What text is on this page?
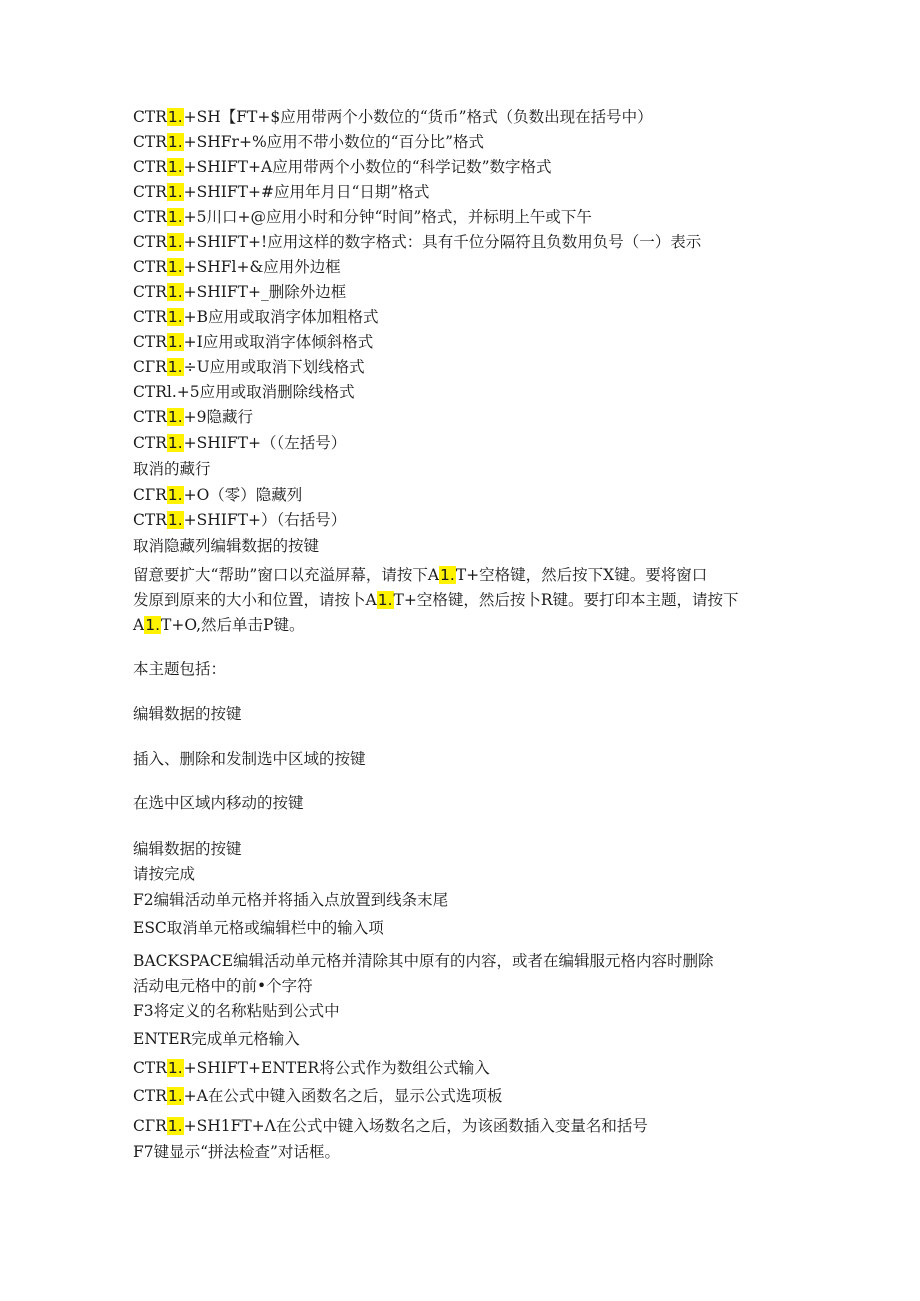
CTR1.+SH【FT+$应用带两个小数位的“货币”格式（负数出现在括号中）

CTR1.+SHFr+%应用不带小数位的“百分比”格式

CTR1.+SHIFT+A应用带两个小数位的“科学记数”数字格式

CTR1.+SHIFT+#应用年月日“日期”格式

CTR1.+5川口+@应用小时和分钟“时间”格式，并标明上午或下午

CTR1.+SHIFT+!应用这样的数字格式：具有千位分隔符且负数用负号（一）表示

CTR1.+SHFl+&应用外边框

CTR1.+SHIFT+_删除外边框

CTR1.+B应用或取消字体加粗格式

CTR1.+I应用或取消字体倾斜格式

CГR1.÷U应用或取消下划线格式

CTRl.+5应用或取消删除线格式

CTR1.+9隐藏行

CTR1.+SHIFT+（（左括号）

取消的藏行

CГR1.+O（零）隐藏列

CTR1.+SHIFT+）（右括号）

取消隐藏列编辑数据的按键

留意要扩大“帮助”窗口以充溢屏幕，请按下A1.T+空格键，然后按下X键。要将窗口

发原到原来的大小和位置，请按卜A1.T+空格键，然后按卜R键。要打印本主题，请按下

A1.T+O,然后单击P键。

本主题包括：

编辑数据的按键

插入、删除和发制选中区域的按键

在选中区域内移动的按键

编辑数据的按键

请按完成

F2编辑活动单元格并将插入点放置到线条末尾

ESC取消单元格或编辑栏中的输入项

BACKSPACE编辑活动单元格并清除其中原有的内容，或者在编辑服元格内容时删除

活动电元格中的前•个字符

F3将定义的名称粘贴到公式中

ENTER完成单元格输入

CTR1.+SHIFT+ENTER将公式作为数组公式输入

CTR1.+A在公式中键入函数名之后，显示公式选项板

CГR1.+SH1FT+Λ在公式中键入场数名之后，为该函数插入变量名和括号

F7键显示“拼法检查”对话框。
